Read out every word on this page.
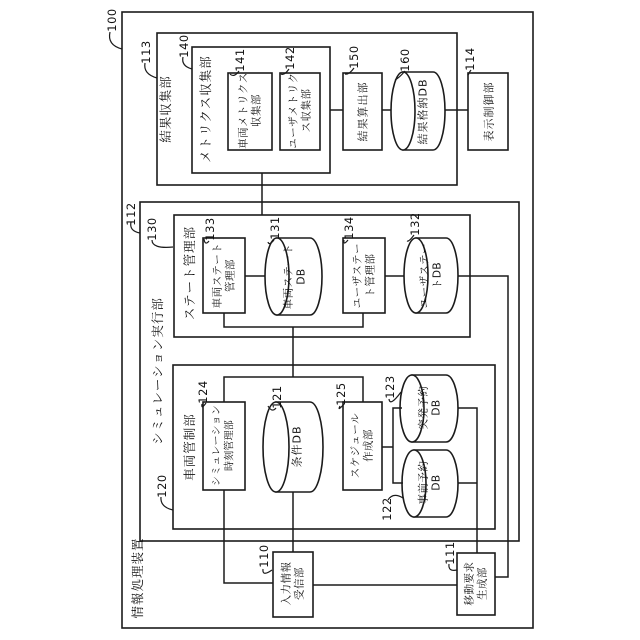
情報処理装置
100
結果収集部
113
メトリクス収集部
140
車両メトリクス
収集部
141
ユーザメトリク
ス収集部
142
結果算出部
150
結果格納DB
160
表示制御部
114
シミュレーション実行部
112
ステート管理部
130
車両ステート
管理部
133
車両ステート
DB
131
ユーザステー
ト管理部
134
ユーザステー
トDB
132
車両管制部
120
シミュレーション
時刻管理部
124
条件DB
121
スケジュール
作成部
125	突発予約
DB
123
事前予約
DB
122
入力情報
受信部
110
移動要求
生成部
111
